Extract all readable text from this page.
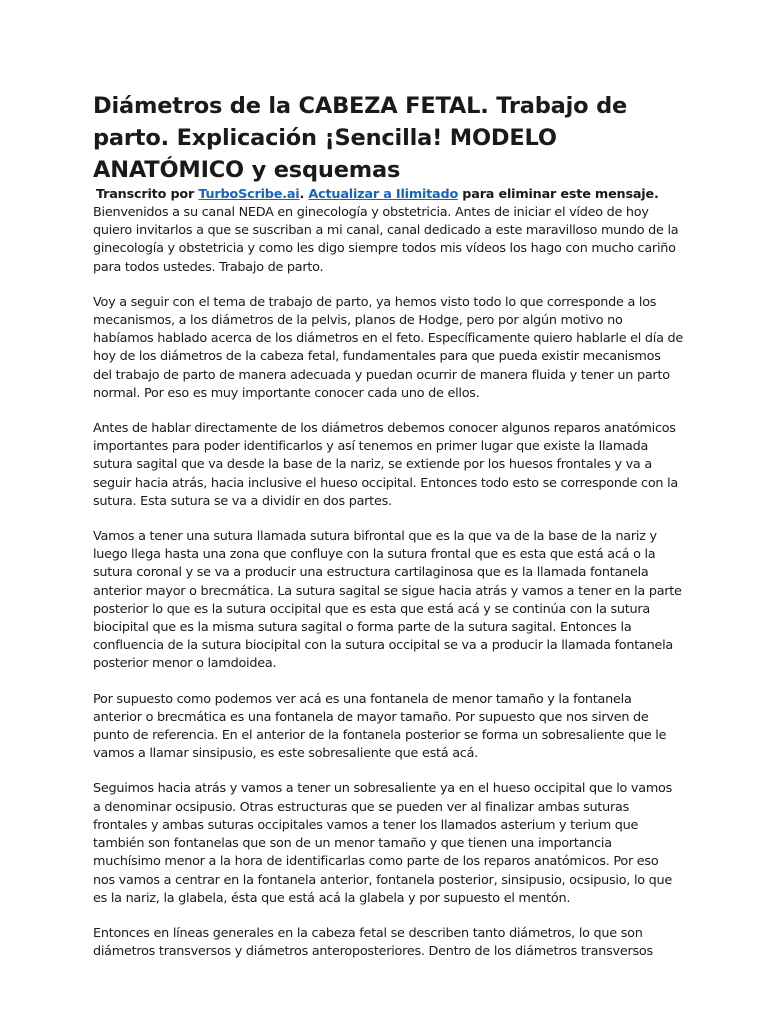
Diámetros de la CABEZA FETAL. Trabajo de parto. Explicación ¡Sencilla! MODELO ANATÓMICO y esquemas

Transcrito por TurboScribe.ai. Actualizar a Ilimitado para eliminar este mensaje.

Bienvenidos a su canal NEDA en ginecología y obstetricia. Antes de iniciar el vídeo de hoy quiero invitarlos a que se suscriban a mi canal, canal dedicado a este maravilloso mundo de la ginecología y obstetricia y como les digo siempre todos mis vídeos los hago con mucho cariño para todos ustedes. Trabajo de parto.

Voy a seguir con el tema de trabajo de parto, ya hemos visto todo lo que corresponde a los mecanismos, a los diámetros de la pelvis, planos de Hodge, pero por algún motivo no habíamos hablado acerca de los diámetros en el feto. Específicamente quiero hablarle el día de hoy de los diámetros de la cabeza fetal, fundamentales para que pueda existir mecanismos del trabajo de parto de manera adecuada y puedan ocurrir de manera fluida y tener un parto normal. Por eso es muy importante conocer cada uno de ellos.

Antes de hablar directamente de los diámetros debemos conocer algunos reparos anatómicos importantes para poder identificarlos y así tenemos en primer lugar que existe la llamada sutura sagital que va desde la base de la nariz, se extiende por los huesos frontales y va a seguir hacia atrás, hacia inclusive el hueso occipital. Entonces todo esto se corresponde con la sutura. Esta sutura se va a dividir en dos partes.

Vamos a tener una sutura llamada sutura bifrontal que es la que va de la base de la nariz y luego llega hasta una zona que confluye con la sutura frontal que es esta que está acá o la sutura coronal y se va a producir una estructura cartilaginosa que es la llamada fontanela anterior mayor o brecmática. La sutura sagital se sigue hacia atrás y vamos a tener en la parte posterior lo que es la sutura occipital que es esta que está acá y se continúa con la sutura biocipital que es la misma sutura sagital o forma parte de la sutura sagital. Entonces la confluencia de la sutura biocipital con la sutura occipital se va a producir la llamada fontanela posterior menor o lamdoidea.

Por supuesto como podemos ver acá es una fontanela de menor tamaño y la fontanela anterior o brecmática es una fontanela de mayor tamaño. Por supuesto que nos sirven de punto de referencia. En el anterior de la fontanela posterior se forma un sobresaliente que le vamos a llamar sinsipusio, es este sobresaliente que está acá.

Seguimos hacia atrás y vamos a tener un sobresaliente ya en el hueso occipital que lo vamos a denominar ocsipusio. Otras estructuras que se pueden ver al finalizar ambas suturas frontales y ambas suturas occipitales vamos a tener los llamados asterium y terium que también son fontanelas que son de un menor tamaño y que tienen una importancia muchísimo menor a la hora de identificarlas como parte de los reparos anatómicos. Por eso nos vamos a centrar en la fontanela anterior, fontanela posterior, sinsipusio, ocsipusio, lo que es la nariz, la glabela, ésta que está acá la glabela y por supuesto el mentón.

Entonces en líneas generales en la cabeza fetal se describen tanto diámetros, lo que son diámetros transversos y diámetros anteroposteriores. Dentro de los diámetros transversos
